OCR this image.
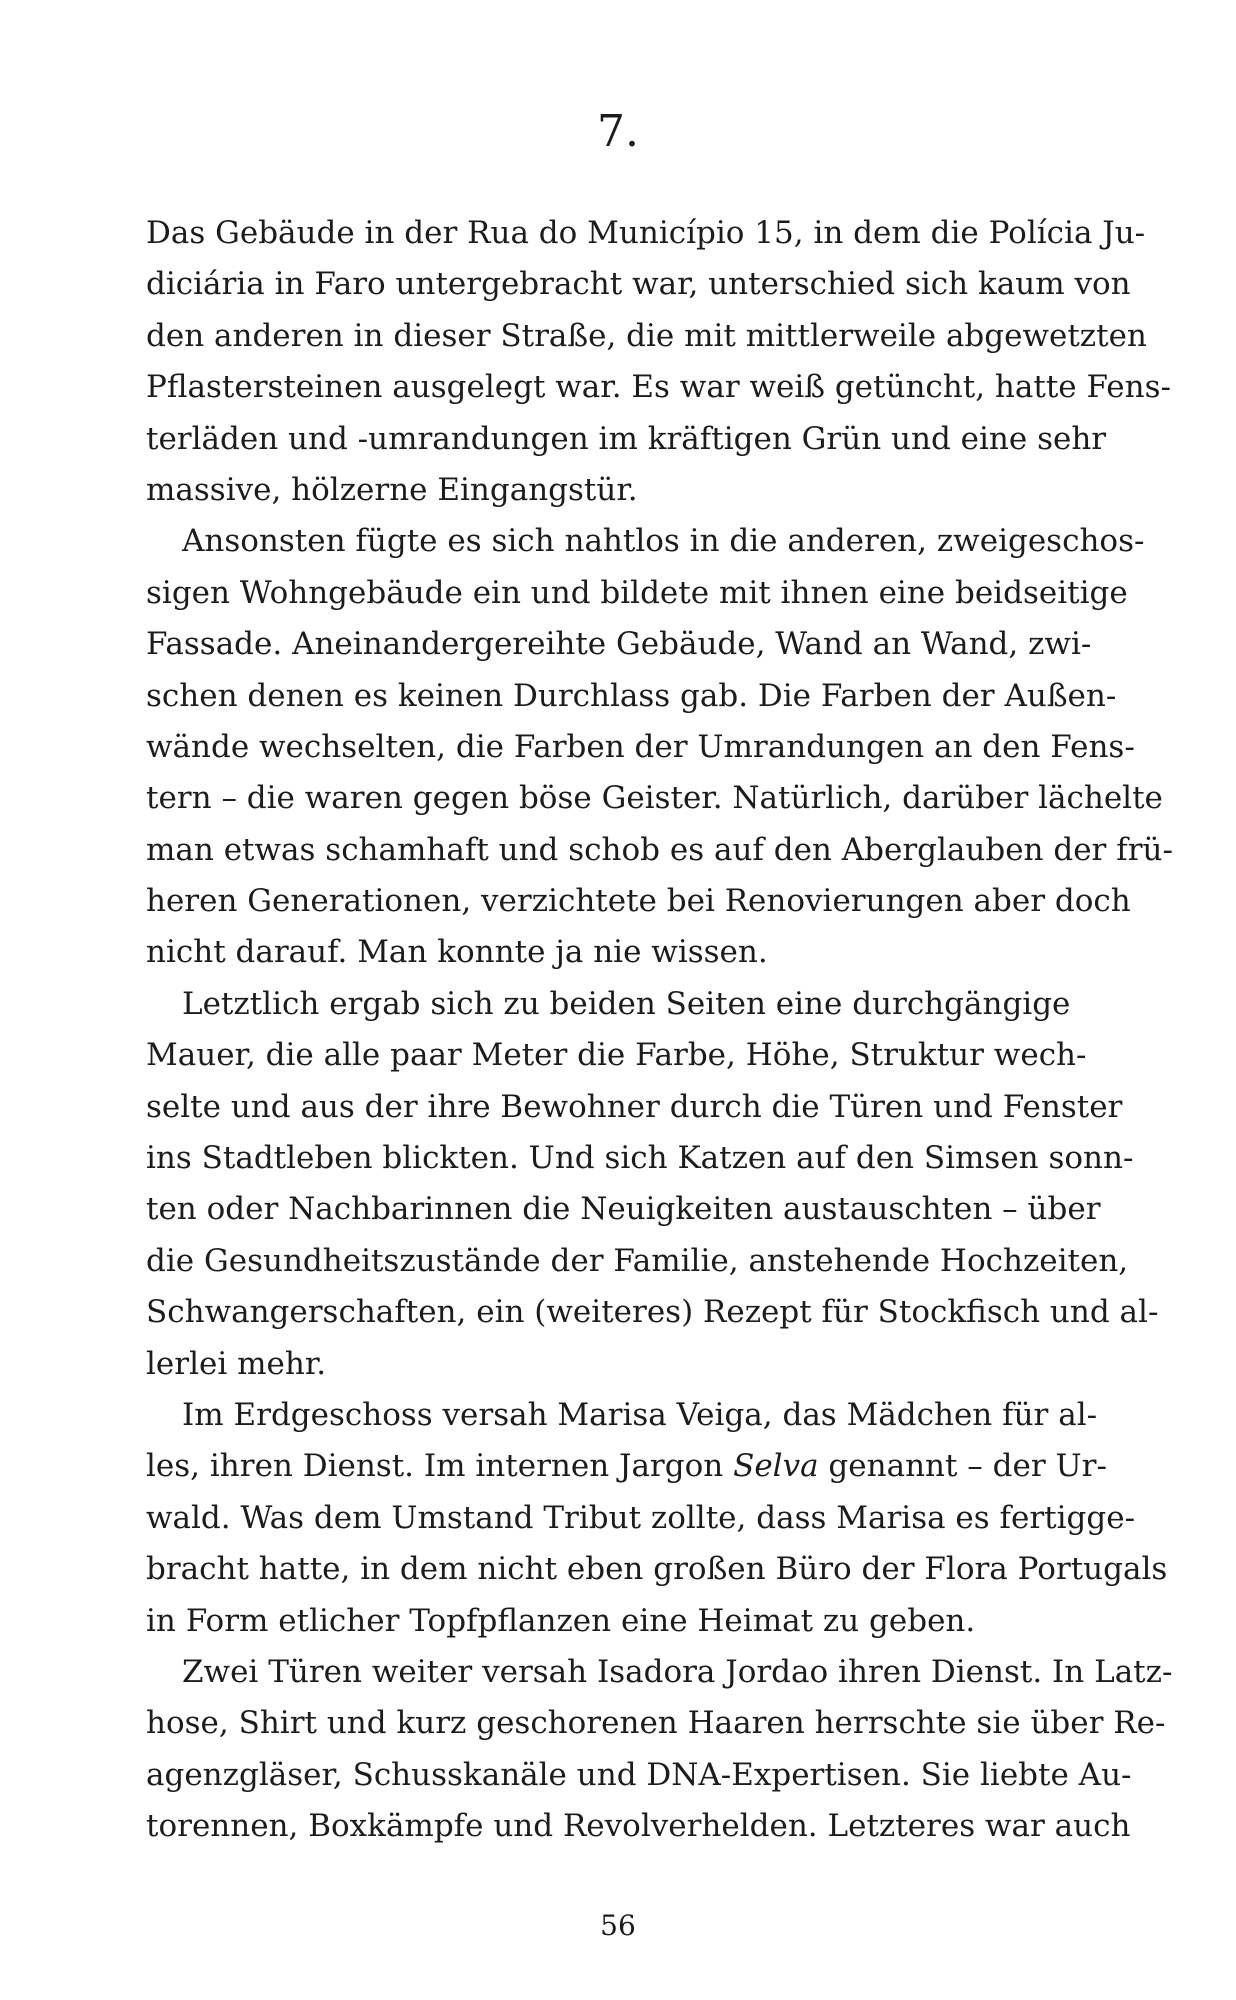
7.
Das Gebäude in der Rua do Município 15, in dem die Polícia Ju-
diciária in Faro untergebracht war, unterschied sich kaum von
den anderen in dieser Straße, die mit mittlerweile abgewetzten
Pflastersteinen ausgelegt war. Es war weiß getüncht, hatte Fens-
terläden und -umrandungen im kräftigen Grün und eine sehr
massive, hölzerne Eingangstür.
Ansonsten fügte es sich nahtlos in die anderen, zweigeschos-
sigen Wohngebäude ein und bildete mit ihnen eine beidseitige
Fassade. Aneinandergereihte Gebäude, Wand an Wand, zwi-
schen denen es keinen Durchlass gab. Die Farben der Außen-
wände wechselten, die Farben der Umrandungen an den Fens-
tern – die waren gegen böse Geister. Natürlich, darüber lächelte
man etwas schamhaft und schob es auf den Aberglauben der frü-
heren Generationen, verzichtete bei Renovierungen aber doch
nicht darauf. Man konnte ja nie wissen.
Letztlich ergab sich zu beiden Seiten eine durchgängige
Mauer, die alle paar Meter die Farbe, Höhe, Struktur wech-
selte und aus der ihre Bewohner durch die Türen und Fenster
ins Stadtleben blickten. Und sich Katzen auf den Simsen sonn-
ten oder Nachbarinnen die Neuigkeiten austauschten – über
die Gesundheitszustände der Familie, anstehende Hochzeiten,
Schwangerschaften, ein (weiteres) Rezept für Stockfisch und al-
lerlei mehr.
Im Erdgeschoss versah Marisa Veiga, das Mädchen für al-
les, ihren Dienst. Im internen Jargon Selva genannt – der Ur-
wald. Was dem Umstand Tribut zollte, dass Marisa es fertigge-
bracht hatte, in dem nicht eben großen Büro der Flora Portugals
in Form etlicher Topfpflanzen eine Heimat zu geben.
Zwei Türen weiter versah Isadora Jordao ihren Dienst. In Latz-
hose, Shirt und kurz geschorenen Haaren herrschte sie über Re-
agenzgläser, Schusskanäle und DNA-Expertisen. Sie liebte Au-
torennen, Boxkämpfe und Revolverhelden. Letzteres war auch
56
